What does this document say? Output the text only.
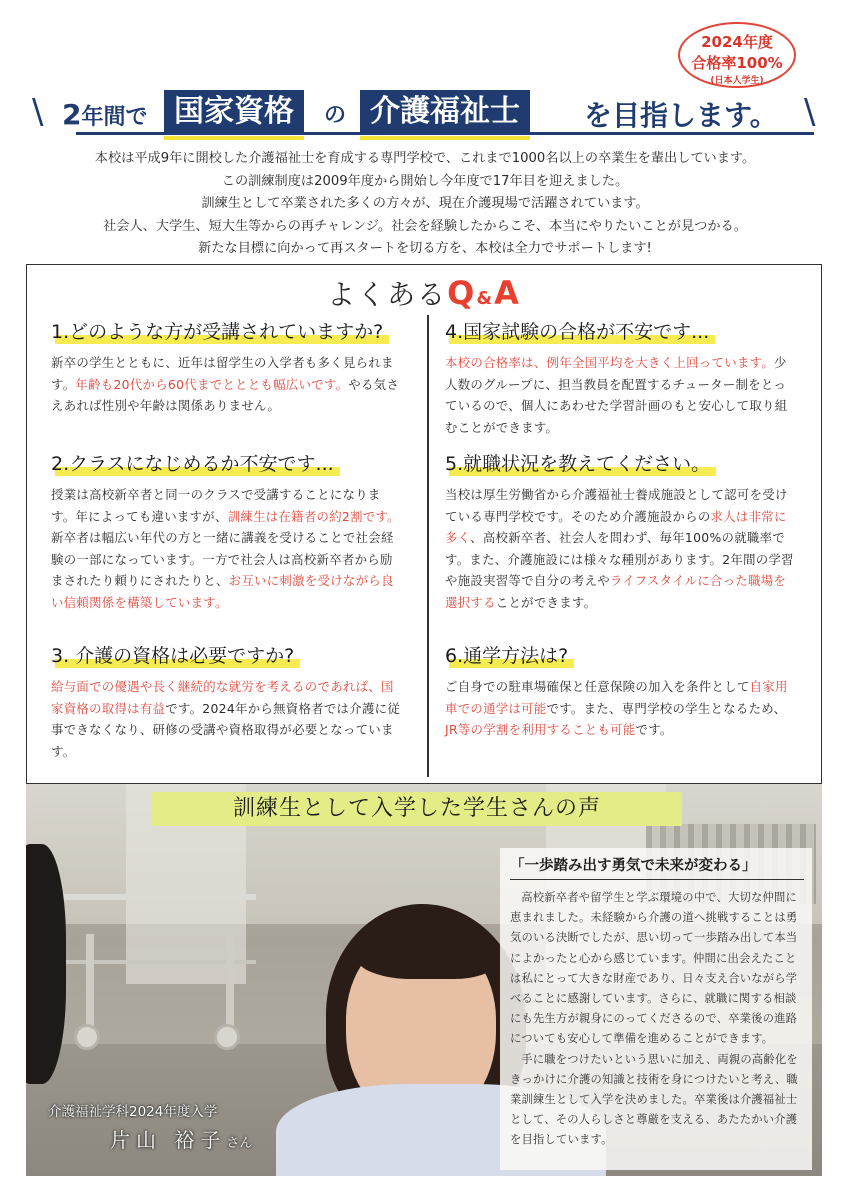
2024年度
合格率100%
(日本人学生)
\ 2年間で 国家資格	の 介護福祉士	を目指します。 \
本校は平成9年に開校した介護福祉士を育成する専門学校で、これまで1000名以上の卒業生を輩出しています。
この訓練制度は2009年度から開始し今年度で17年目を迎えました。
訓練生として卒業された多くの方々が、現在介護現場で活躍されています。
社会人、大学生、短大生等からの再チャレンジ。社会を経験したからこそ、本当にやりたいことが見つかる。
新たな目標に向かって再スタートを切る方を、本校は全力でサポートします!
よくあるQ&A
1.どのような方が受講されていますか?
新卒の学生とともに、近年は留学生の入学者も多く見られます。年齢も20代から60代までとととも幅広いです。やる気さえあれば性別や年齢は関係ありません。
2.クラスになじめるか不安です...
授業は高校新卒者と同一のクラスで受講することになります。年によっても違いますが、訓練生は在籍者の約2割です。新卒者は幅広い年代の方と一緒に講義を受けることで社会経験の一部になっています。一方で社会人は高校新卒者から励まされたり頼りにされたりと、お互いに刺激を受けながら良い信頼関係を構築しています。
3. 介護の資格は必要ですか?
給与面での優遇や長く継続的な就労を考えるのであれば、国家資格の取得は有益です。2024年から無資格者では介護に従事できなくなり、研修の受講や資格取得が必要となっています。
4.国家試験の合格が不安です...
本校の合格率は、例年全国平均を大きく上回っています。少人数のグループに、担当教員を配置するチューター制をとっているので、個人にあわせた学習計画のもと安心して取り組むことができます。
5.就職状況を教えてください。
当校は厚生労働省から介護福祉士養成施設として認可を受けている専門学校です。そのため介護施設からの求人は非常に多く、高校新卒者、社会人を問わず、毎年100%の就職率です。また、介護施設には様々な種別があります。2年間の学習や施設実習等で自分の考えやライフスタイルに合った職場を選択することができます。
6.通学方法は?
ご自身での駐車場確保と任意保険の加入を条件として自家用車での通学は可能です。また、専門学校の学生となるため、JR等の学割を利用することも可能です。
訓練生として入学した学生さんの声
「一歩踏み出す勇気で未来が変わる」
高校新卒者や留学生と学ぶ環境の中で、大切な仲間に恵まれました。未経験から介護の道へ挑戦することは勇気のいる決断でしたが、思い切って一歩踏み出して本当によかったと心から感じています。仲間に出会えたことは私にとって大きな財産であり、日々支え合いながら学べることに感謝しています。さらに、就職に関する相談にも先生方が親身にのってくださるので、卒業後の進路についても安心して準備を進めることができます。
手に職をつけたいという思いに加え、両親の高齢化をきっかけに介護の知識と技術を身につけたいと考え、職業訓練生として入学を決めました。卒業後は介護福祉士として、その人らしさと尊厳を支える、あたたかい介護を目指しています。
介護福祉学科2024年度入学
片山 裕子さん
